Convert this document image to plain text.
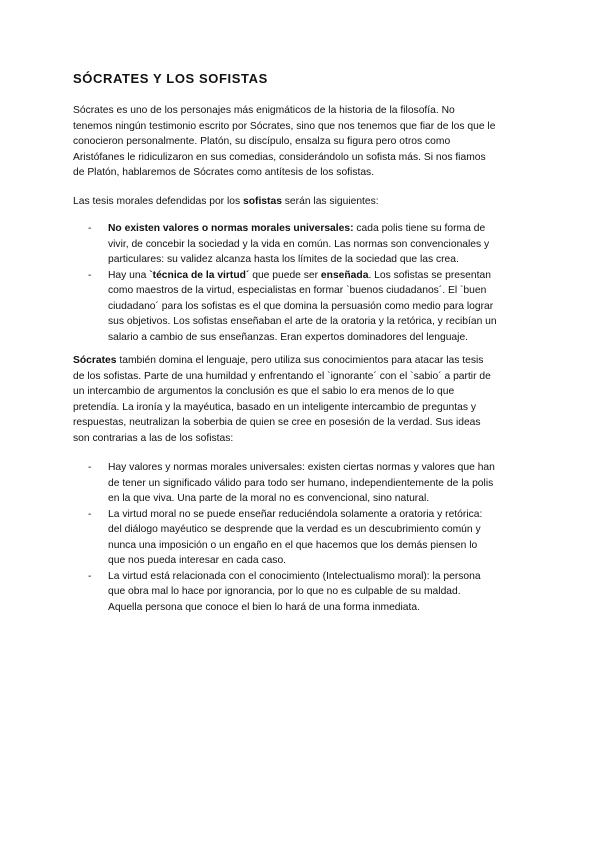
SÓCRATES Y LOS SOFISTAS

Sócrates es uno de los personajes más enigmáticos de la historia de la filosofía. No
tenemos ningún testimonio escrito por Sócrates, sino que nos tenemos que fiar de los que le
conocieron personalmente. Platón, su discípulo, ensalza su figura pero otros como
Aristófanes le ridiculizaron en sus comedias, considerándolo un sofista más. Si nos fiamos
de Platón, hablaremos de Sócrates como antítesis de los sofistas.

Las tesis morales defendidas por los sofistas serán las siguientes:

- No existen valores o normas morales universales: cada polis tiene su forma de
vivir, de concebir la sociedad y la vida en común. Las normas son convencionales y
particulares: su validez alcanza hasta los límites de la sociedad que las crea.
- Hay una `técnica de la virtud´ que puede ser enseñada. Los sofistas se presentan
como maestros de la virtud, especialistas en formar `buenos ciudadanos´. El `buen
ciudadano´ para los sofistas es el que domina la persuasión como medio para lograr
sus objetivos. Los sofistas enseñaban el arte de la oratoria y la retórica, y recibían un
salario a cambio de sus enseñanzas. Eran expertos dominadores del lenguaje.

Sócrates también domina el lenguaje, pero utiliza sus conocimientos para atacar las tesis
de los sofistas. Parte de una humildad y enfrentando el `ignorante´ con el `sabio´ a partir de
un intercambio de argumentos la conclusión es que el sabio lo era menos de lo que
pretendía. La ironía y la mayéutica, basado en un inteligente intercambio de preguntas y
respuestas, neutralizan la soberbia de quien se cree en posesión de la verdad. Sus ideas
son contrarias a las de los sofistas:

- Hay valores y normas morales universales: existen ciertas normas y valores que han
de tener un significado válido para todo ser humano, independientemente de la polis
en la que viva. Una parte de la moral no es convencional, sino natural.
- La virtud moral no se puede enseñar reduciéndola solamente a oratoria y retórica:
del diálogo mayéutico se desprende que la verdad es un descubrimiento común y
nunca una imposición o un engaño en el que hacemos que los demás piensen lo
que nos pueda interesar en cada caso.
- La virtud está relacionada con el conocimiento (Intelectualismo moral): la persona
que obra mal lo hace por ignorancia, por lo que no es culpable de su maldad.
Aquella persona que conoce el bien lo hará de una forma inmediata.
